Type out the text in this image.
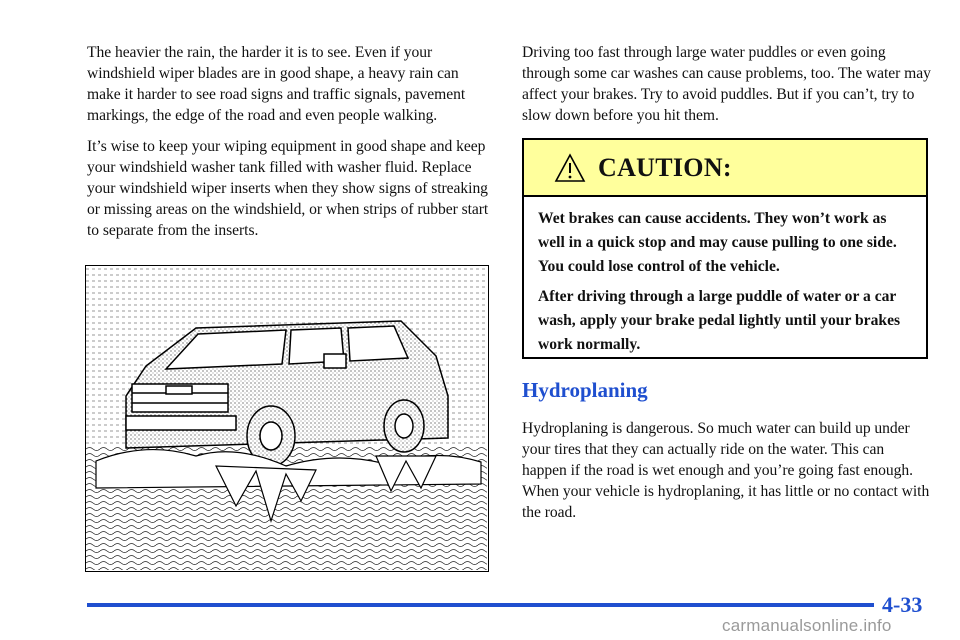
The heavier the rain, the harder it is to see. Even if your windshield wiper blades are in good shape, a heavy rain can make it harder to see road signs and traffic signals, pavement markings, the edge of the road and even people walking.

It’s wise to keep your wiping equipment in good shape and keep your windshield washer tank filled with washer fluid. Replace your windshield wiper inserts when they show signs of streaking or missing areas on the windshield, or when strips of rubber start to separate from the inserts.

Driving too fast through large water puddles or even going through some car washes can cause problems, too. The water may affect your brakes. Try to avoid puddles. But if you can’t, try to slow down before you hit them.

CAUTION:

Wet brakes can cause accidents. They won’t work as well in a quick stop and may cause pulling to one side. You could lose control of the vehicle.

After driving through a large puddle of water or a car wash, apply your brake pedal lightly until your brakes work normally.

Hydroplaning

Hydroplaning is dangerous. So much water can build up under your tires that they can actually ride on the water. This can happen if the road is wet enough and you’re going fast enough. When your vehicle is hydroplaning, it has little or no contact with the road.

4-33
carmanualsonline.info
